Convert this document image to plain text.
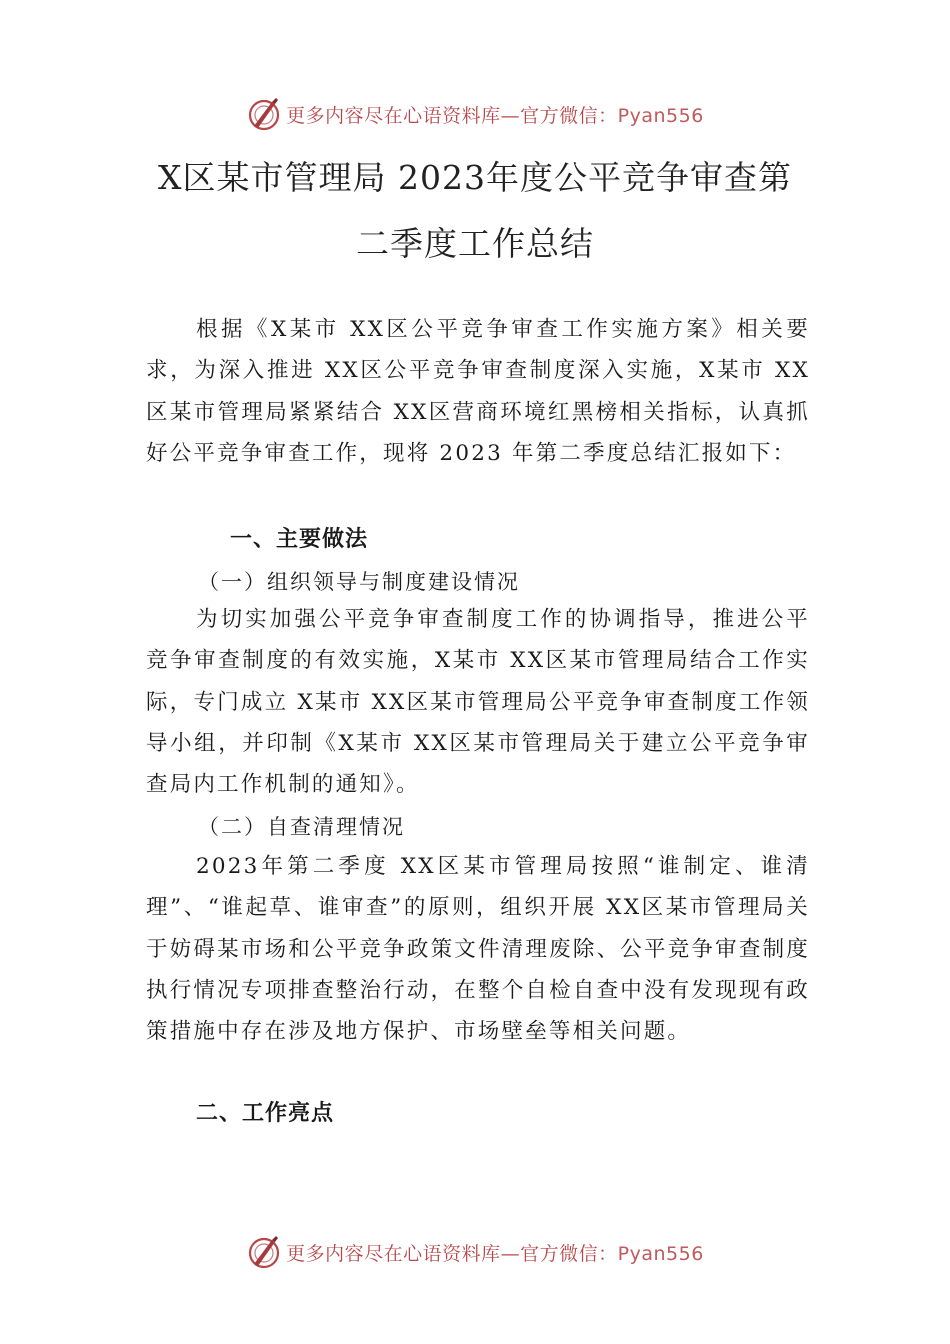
更多内容尽在心语资料库—官方微信：Pyan556
X区某市管理局 2023年度公平竞争审查第
二季度工作总结

根据《X某市 XX区公平竞争审查工作实施方案》相关要求，为深入推进 XX区公平竞争审查制度深入实施，X某市 XX区某市管理局紧紧结合 XX区营商环境红黑榜相关指标，认真抓好公平竞争审查工作，现将 2023 年第二季度总结汇报如下：

一、主要做法
（一）组织领导与制度建设情况

为切实加强公平竞争审查制度工作的协调指导，推进公平竞争审查制度的有效实施，X某市 XX区某市管理局结合工作实际，专门成立 X某市 XX区某市管理局公平竞争审查制度工作领导小组，并印制《X某市 XX区某市管理局关于建立公平竞争审查局内工作机制的通知》。

（二）自查清理情况

2023年第二季度 XX区某市管理局按照“谁制定、谁清理”、“谁起草、谁审查”的原则，组织开展 XX区某市管理局关于妨碍某市场和公平竞争政策文件清理废除、公平竞争审查制度执行情况专项排查整治行动，在整个自检自查中没有发现现有政策措施中存在涉及地方保护、市场壁垒等相关问题。

二、工作亮点
更多内容尽在心语资料库—官方微信：Pyan556
